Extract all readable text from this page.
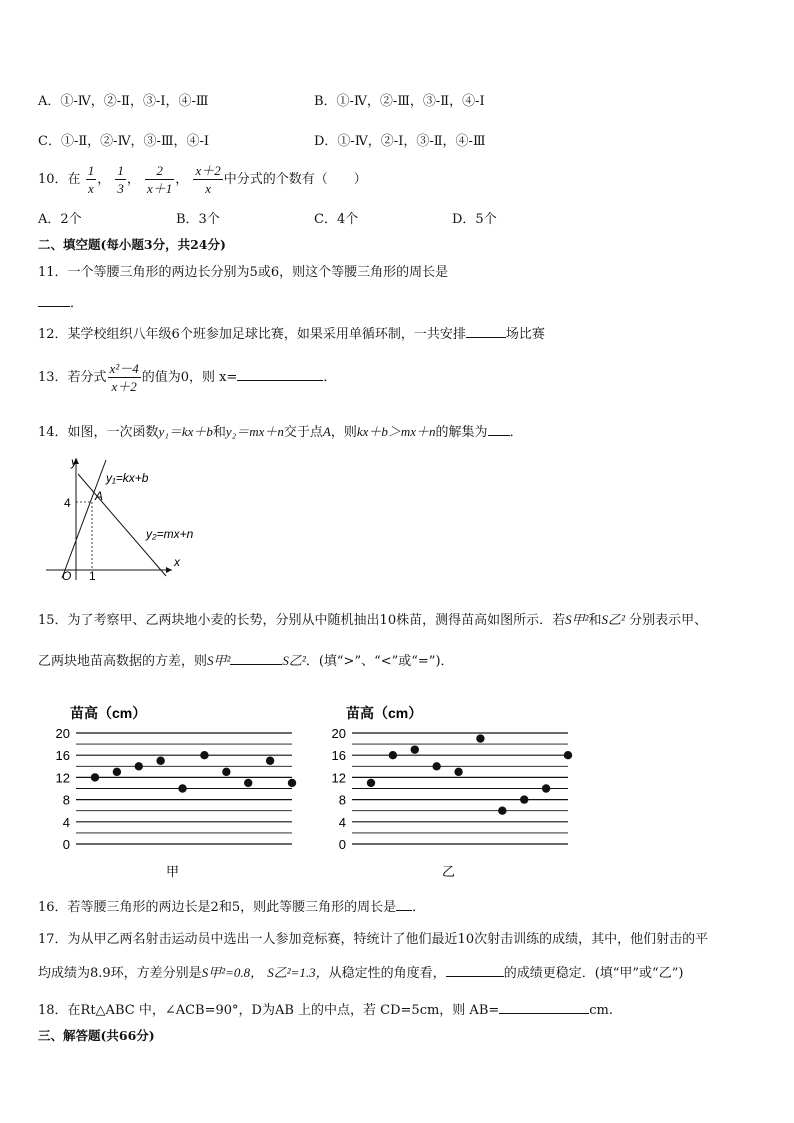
A．①-Ⅳ，②-Ⅱ，③-Ⅰ，④-Ⅲ	B．①-Ⅳ，②-Ⅲ，③-Ⅱ，④-Ⅰ
C．①-Ⅱ，②-Ⅳ，③-Ⅲ，④-Ⅰ	D．①-Ⅳ，②-Ⅰ，③-Ⅱ，④-Ⅲ
10．在 $\frac{1}{x}$ ， $\frac{1}{3}$ ， $\frac{2}{x+1}$ ， $\frac{x+2}{x}$ 中分式的个数有（　　）
A．2个	B．3个	C．4个	D．5个
二、填空题(每小题3分，共24分)
11．一个等腰三角形的两边长分别为5或6，则这个等腰三角形的周长是
．
12．某学校组织八年级6个班参加足球比赛，如果采用单循环制，一共安排	场比赛
13．若分式 $\frac{\text{x²－4}}{x+2}$ 的值为0，则 x=	．
14．如图，一次函数y₁＝kx＋b和y₂＝mx＋n交于点A，则kx＋b＞mx＋n的解集为 ．
y
x
O
4
1
A
y₁=kx+b
y₂=mx+n
15．为了考察甲、乙两块地小麦的长势，分别从中随机抽出10株苗，测得苗高如图所示．若S甲²和S乙² 分别表示甲、
乙两块地苗高数据的方差，则S甲²	S乙²．(填“>”、“<”或“=”)．
苗高（cm）
0
4
8
12
16
20
甲
苗高（cm）
0
4
8
12
16
20
乙
16．若等腰三角形的两边长是2和5，则此等腰三角形的周长是 ．
17．为从甲乙两名射击运动员中选出一人参加竞标赛，特统计了他们最近10次射击训练的成绩，其中，他们射击的平
均成绩为8.9环，方差分别是S甲²=0.8， S乙²=1.3，从稳定性的角度看，	的成绩更稳定．(填“甲”或“乙”)
18．在Rt△ABC 中，∠ACB=90°，D为AB 上的中点，若 CD=5cm，则 AB=	cm.
三、解答题(共66分)
